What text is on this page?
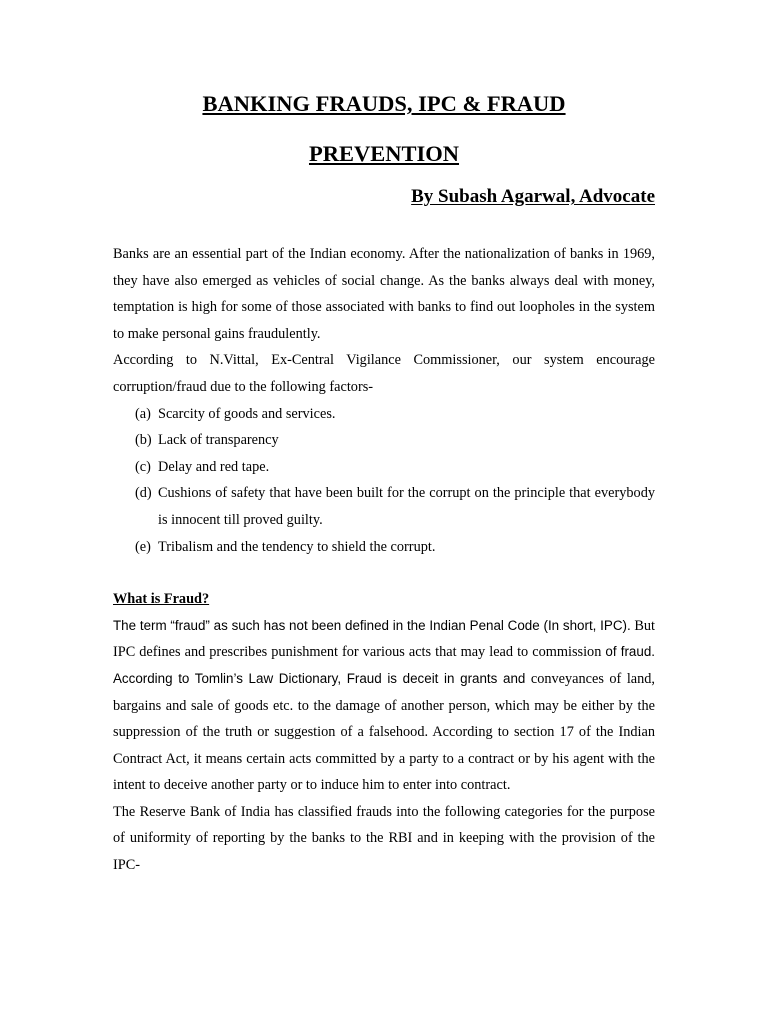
BANKING FRAUDS, IPC & FRAUD
PREVENTION
By Subash Agarwal, Advocate

Banks are an essential part of the Indian economy. After the nationalization of banks in 1969, they have also emerged as vehicles of social change. As the banks always deal with money, temptation is high for some of those associated with banks to find out loopholes in the system to make personal gains fraudulently.

According to N.Vittal, Ex-Central Vigilance Commissioner, our system encourage corruption/fraud due to the following factors-

(a) Scarcity of goods and services.
(b) Lack of transparency
(c) Delay and red tape.
(d) Cushions of safety that have been built for the corrupt on the principle that everybody is innocent till proved guilty.
(e) Tribalism and the tendency to shield the corrupt.
What is Fraud?

The term “fraud” as such has not been defined in the Indian Penal Code (In short, IPC). But IPC defines and prescribes punishment for various acts that may lead to commission of fraud. According to Tomlin’s Law Dictionary, Fraud is deceit in grants and conveyances of land, bargains and sale of goods etc. to the damage of another person, which may be either by the suppression of the truth or suggestion of a falsehood. According to section 17 of the Indian Contract Act, it means certain acts committed by a party to a contract or by his agent with the intent to deceive another party or to induce him to enter into contract.

The Reserve Bank of India has classified frauds into the following categories for the purpose of uniformity of reporting by the banks to the RBI and in keeping with the provision of the IPC-
